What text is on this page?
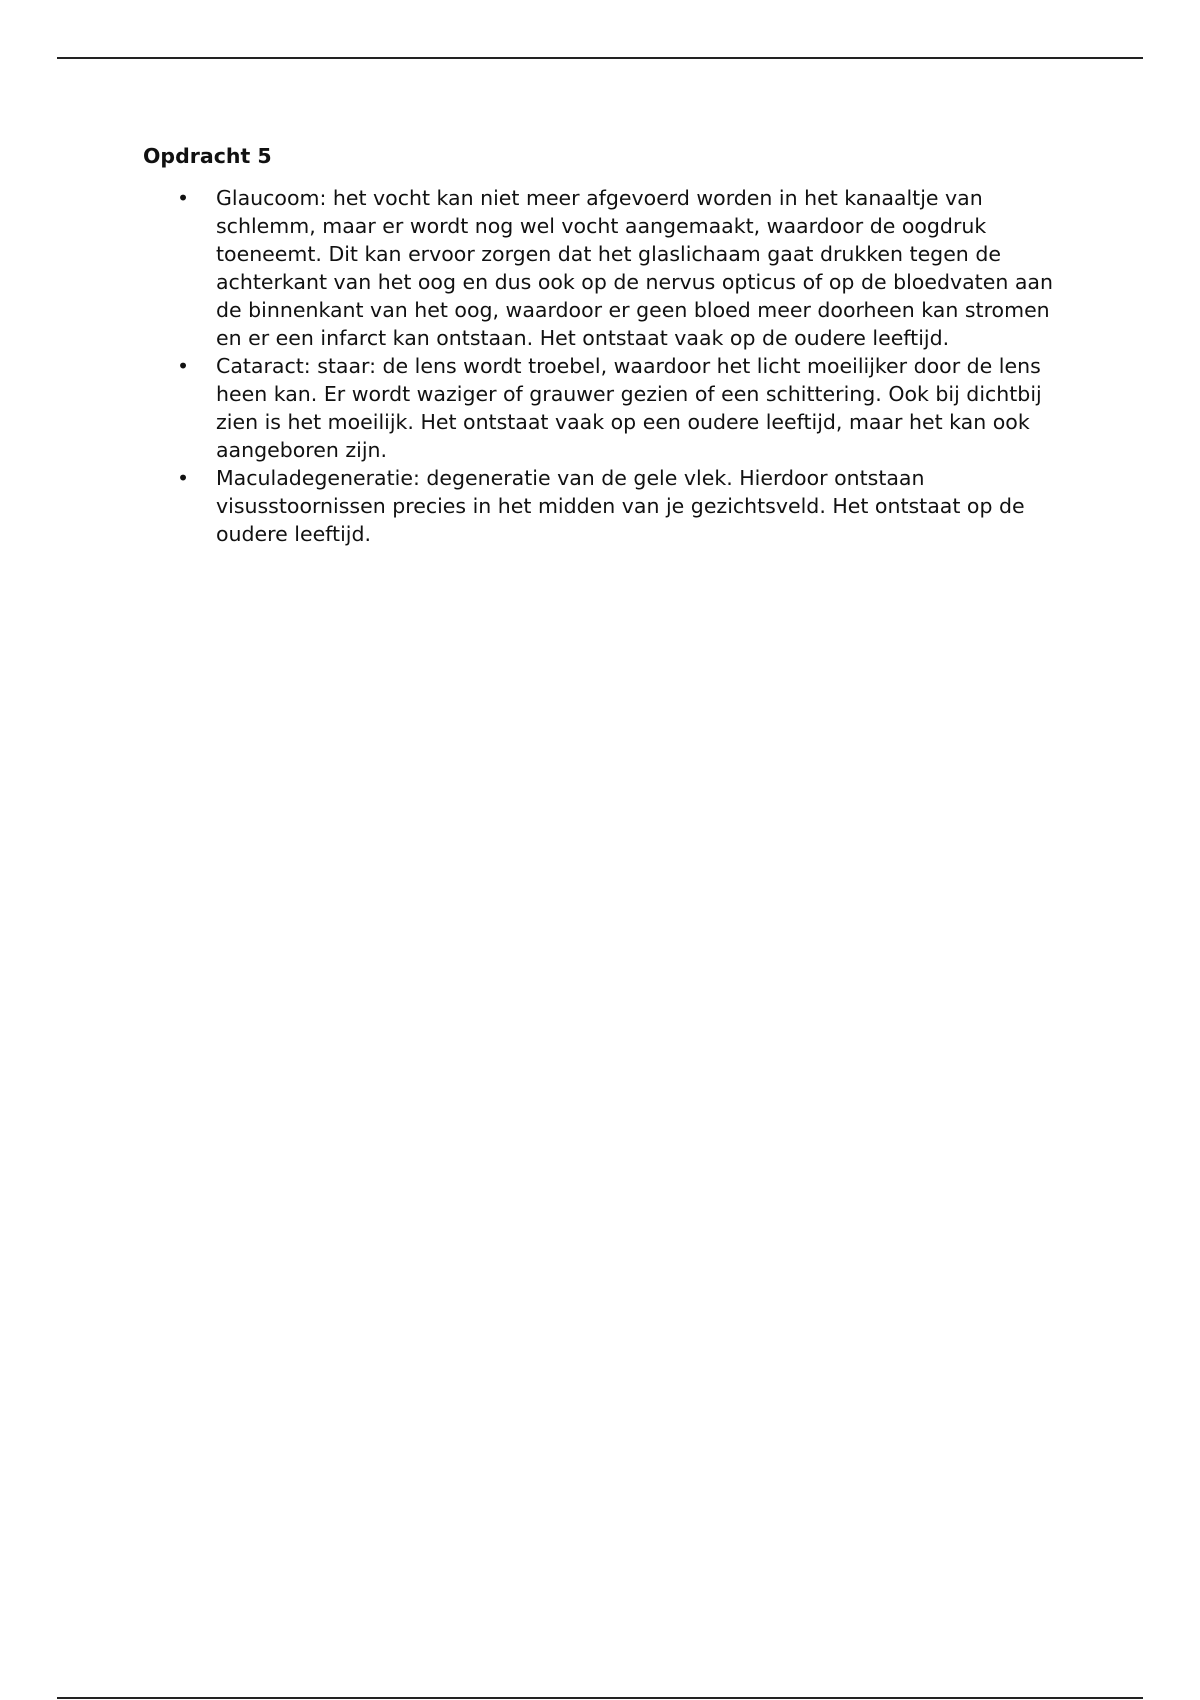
Opdracht 5
•	Glaucoom: het vocht kan niet meer afgevoerd worden in het kanaaltje van schlemm, maar er wordt nog wel vocht aangemaakt, waardoor de oogdruk toeneemt. Dit kan ervoor zorgen dat het glaslichaam gaat drukken tegen de achterkant van het oog en dus ook op de nervus opticus of op de bloedvaten aan de binnenkant van het oog, waardoor er geen bloed meer doorheen kan stromen en er een infarct kan ontstaan. Het ontstaat vaak op de oudere leeftijd.
•	Cataract: staar: de lens wordt troebel, waardoor het licht moeilijker door de lens heen kan. Er wordt waziger of grauwer gezien of een schittering. Ook bij dichtbij zien is het moeilijk. Het ontstaat vaak op een oudere leeftijd, maar het kan ook aangeboren zijn.
•	Maculadegeneratie: degeneratie van de gele vlek. Hierdoor ontstaan visusstoornissen precies in het midden van je gezichtsveld. Het ontstaat op de oudere leeftijd.
